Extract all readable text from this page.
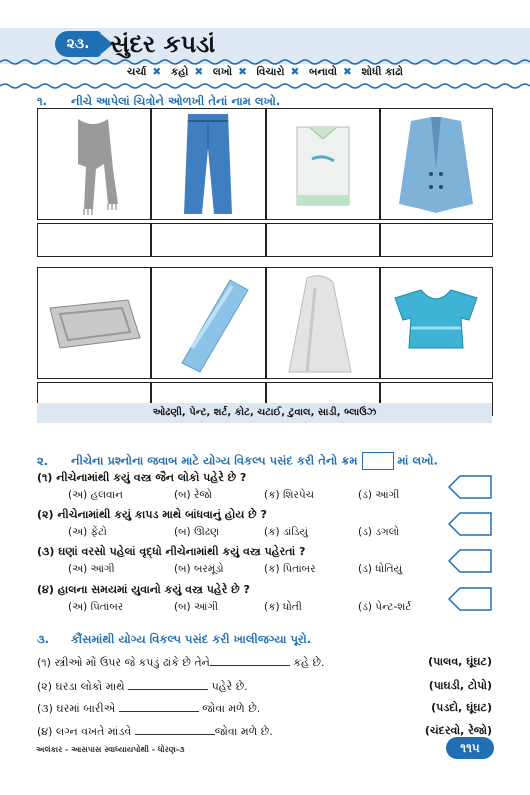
૨૩. સુંદર કપડાં
ચર્ચા ✖ કહો ✖ લખો ✖ વિચારો ✖ બનાવો ✖ શોધી કાઢો
૧. નીચે આપેલાં ચિત્રોને ઓળખી તેનાં નામ લખો.
ઓઢણી, પેન્ટ, શર્ટ, કોટ, ચટાઈ, ટુવાલ, સાડી, બ્લાઉઝ
૨. નીચેના પ્રશ્નોના જવાબ માટે યોગ્ય વિકલ્પ પસંદ કરી તેનો ક્રમ	માં લખો.
(૧) નીચેનામાંથી કયું વસ્ત્ર જૈન લોકો પહેરે છે ?
(અ) હલવાન	(બ) રેજો	(ક) શિરપેચ	(ડ) આંગી
(૨) નીચેનામાંથી કયું કાપડ માથે બાંધવાનું હોય છે ?
(અ) ફેંટો	(બ) ઊઢણ	(ક) ડાંડિયું	(ડ) ડગલો
(૩) ઘણાં વરસો પહેલાં વૃદ્ધો નીચેનામાંથી કયું વસ્ત્ર પહેરતાં ?
(અ) આંગી	(બ) બરમૂંડો	(ક) પિતાંબર	(ડ) ધોતિયું
(૪) હાલના સમયમાં યુવાનો કયું વસ્ત્ર પહેરે છે ?
(અ) પિતાંબર	(બ) આંગી	(ક) ધોતી	(ડ) પેન્ટ-શર્ટ
૩. કૌંસમાંથી યોગ્ય વિકલ્પ પસંદ કરી ખાલીજગ્યા પૂરો.
(૧) સ્ત્રીઓ મોં ઉપર જે કપડું ઢાંકે છે તેને	કહે છે.	(પાલવ, ઘૂંઘટ)
(૨) ઘરડા લોકો માથે	પહેરે છે.	(પાઘડી, ટોપો)
(૩) ઘરમાં બારીએ	જોવા મળે છે.	(પડદો, ઘૂંઘટ)
(૪) લગ્ન વખતે માંડવે	જોવા મળે છે.	(ચંદરવો, રેજો)
અલંકાર - આસપાસ સ્વાધ્યાયપોથી - ધોરણ-૩	૧૧૫
